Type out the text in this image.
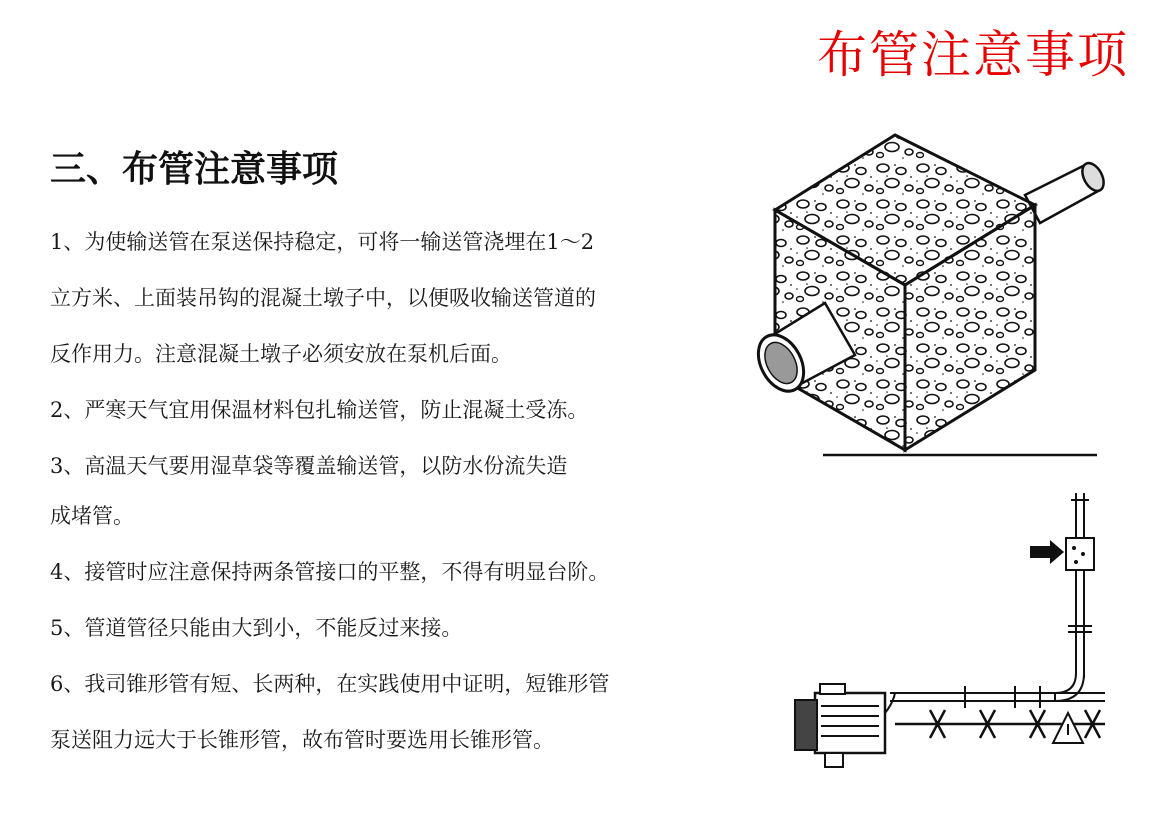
布管注意事项
三、布管注意事项
1、为使输送管在泵送保持稳定，可将一输送管浇埋在1～2
立方米、上面装吊钩的混凝土墩子中，以便吸收输送管道的
反作用力。注意混凝土墩子必须安放在泵机后面。
2、严寒天气宜用保温材料包扎输送管，防止混凝土受冻。
3、高温天气要用湿草袋等覆盖输送管，以防水份流失造
成堵管。
4、接管时应注意保持两条管接口的平整，不得有明显台阶。
5、管道管径只能由大到小，不能反过来接。
6、我司锥形管有短、长两种，在实践使用中证明，短锥形管
泵送阻力远大于长锥形管，故布管时要选用长锥形管。
